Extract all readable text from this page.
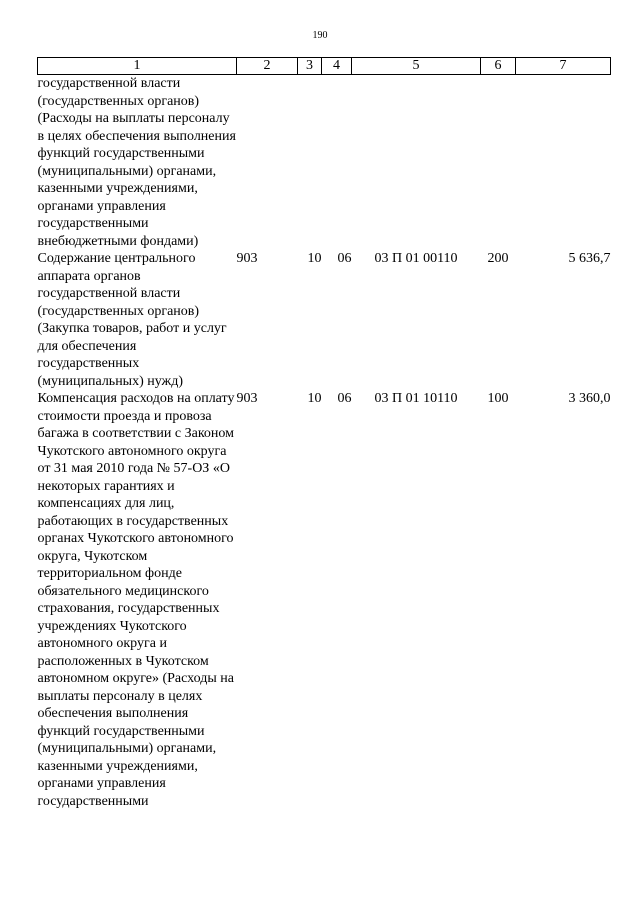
190
1	2	3	4	5	6	7
государственной власти (государственных органов) (Расходы на выплаты персоналу в целях обеспечения выполнения функций государственными (муниципальными) органами, казенными учреждениями, органами управления государственными внебюджетными фондами)						
Содержание центрального аппарата органов государственной власти (государственных органов) (Закупка товаров, работ и услуг для обеспечения государственных (муниципальных) нужд)	903	10	06	03 П 01 00110	200	5 636,7
Компенсация расходов на оплату стоимости проезда и провоза багажа в соответствии с Законом Чукотского автономного округа от 31 мая 2010 года № 57-ОЗ «О некоторых гарантиях и компенсациях для лиц, работающих в государственных органах Чукотского автономного округа, Чукотском территориальном фонде обязательного медицинского страхования, государственных учреждениях Чукотского автономного округа и расположенных в Чукотском автономном округе» (Расходы на выплаты персоналу в целях обеспечения выполнения функций государственными (муниципальными) органами, казенными учреждениями, органами управления государственными	903	10	06	03 П 01 10110	100	3 360,0
